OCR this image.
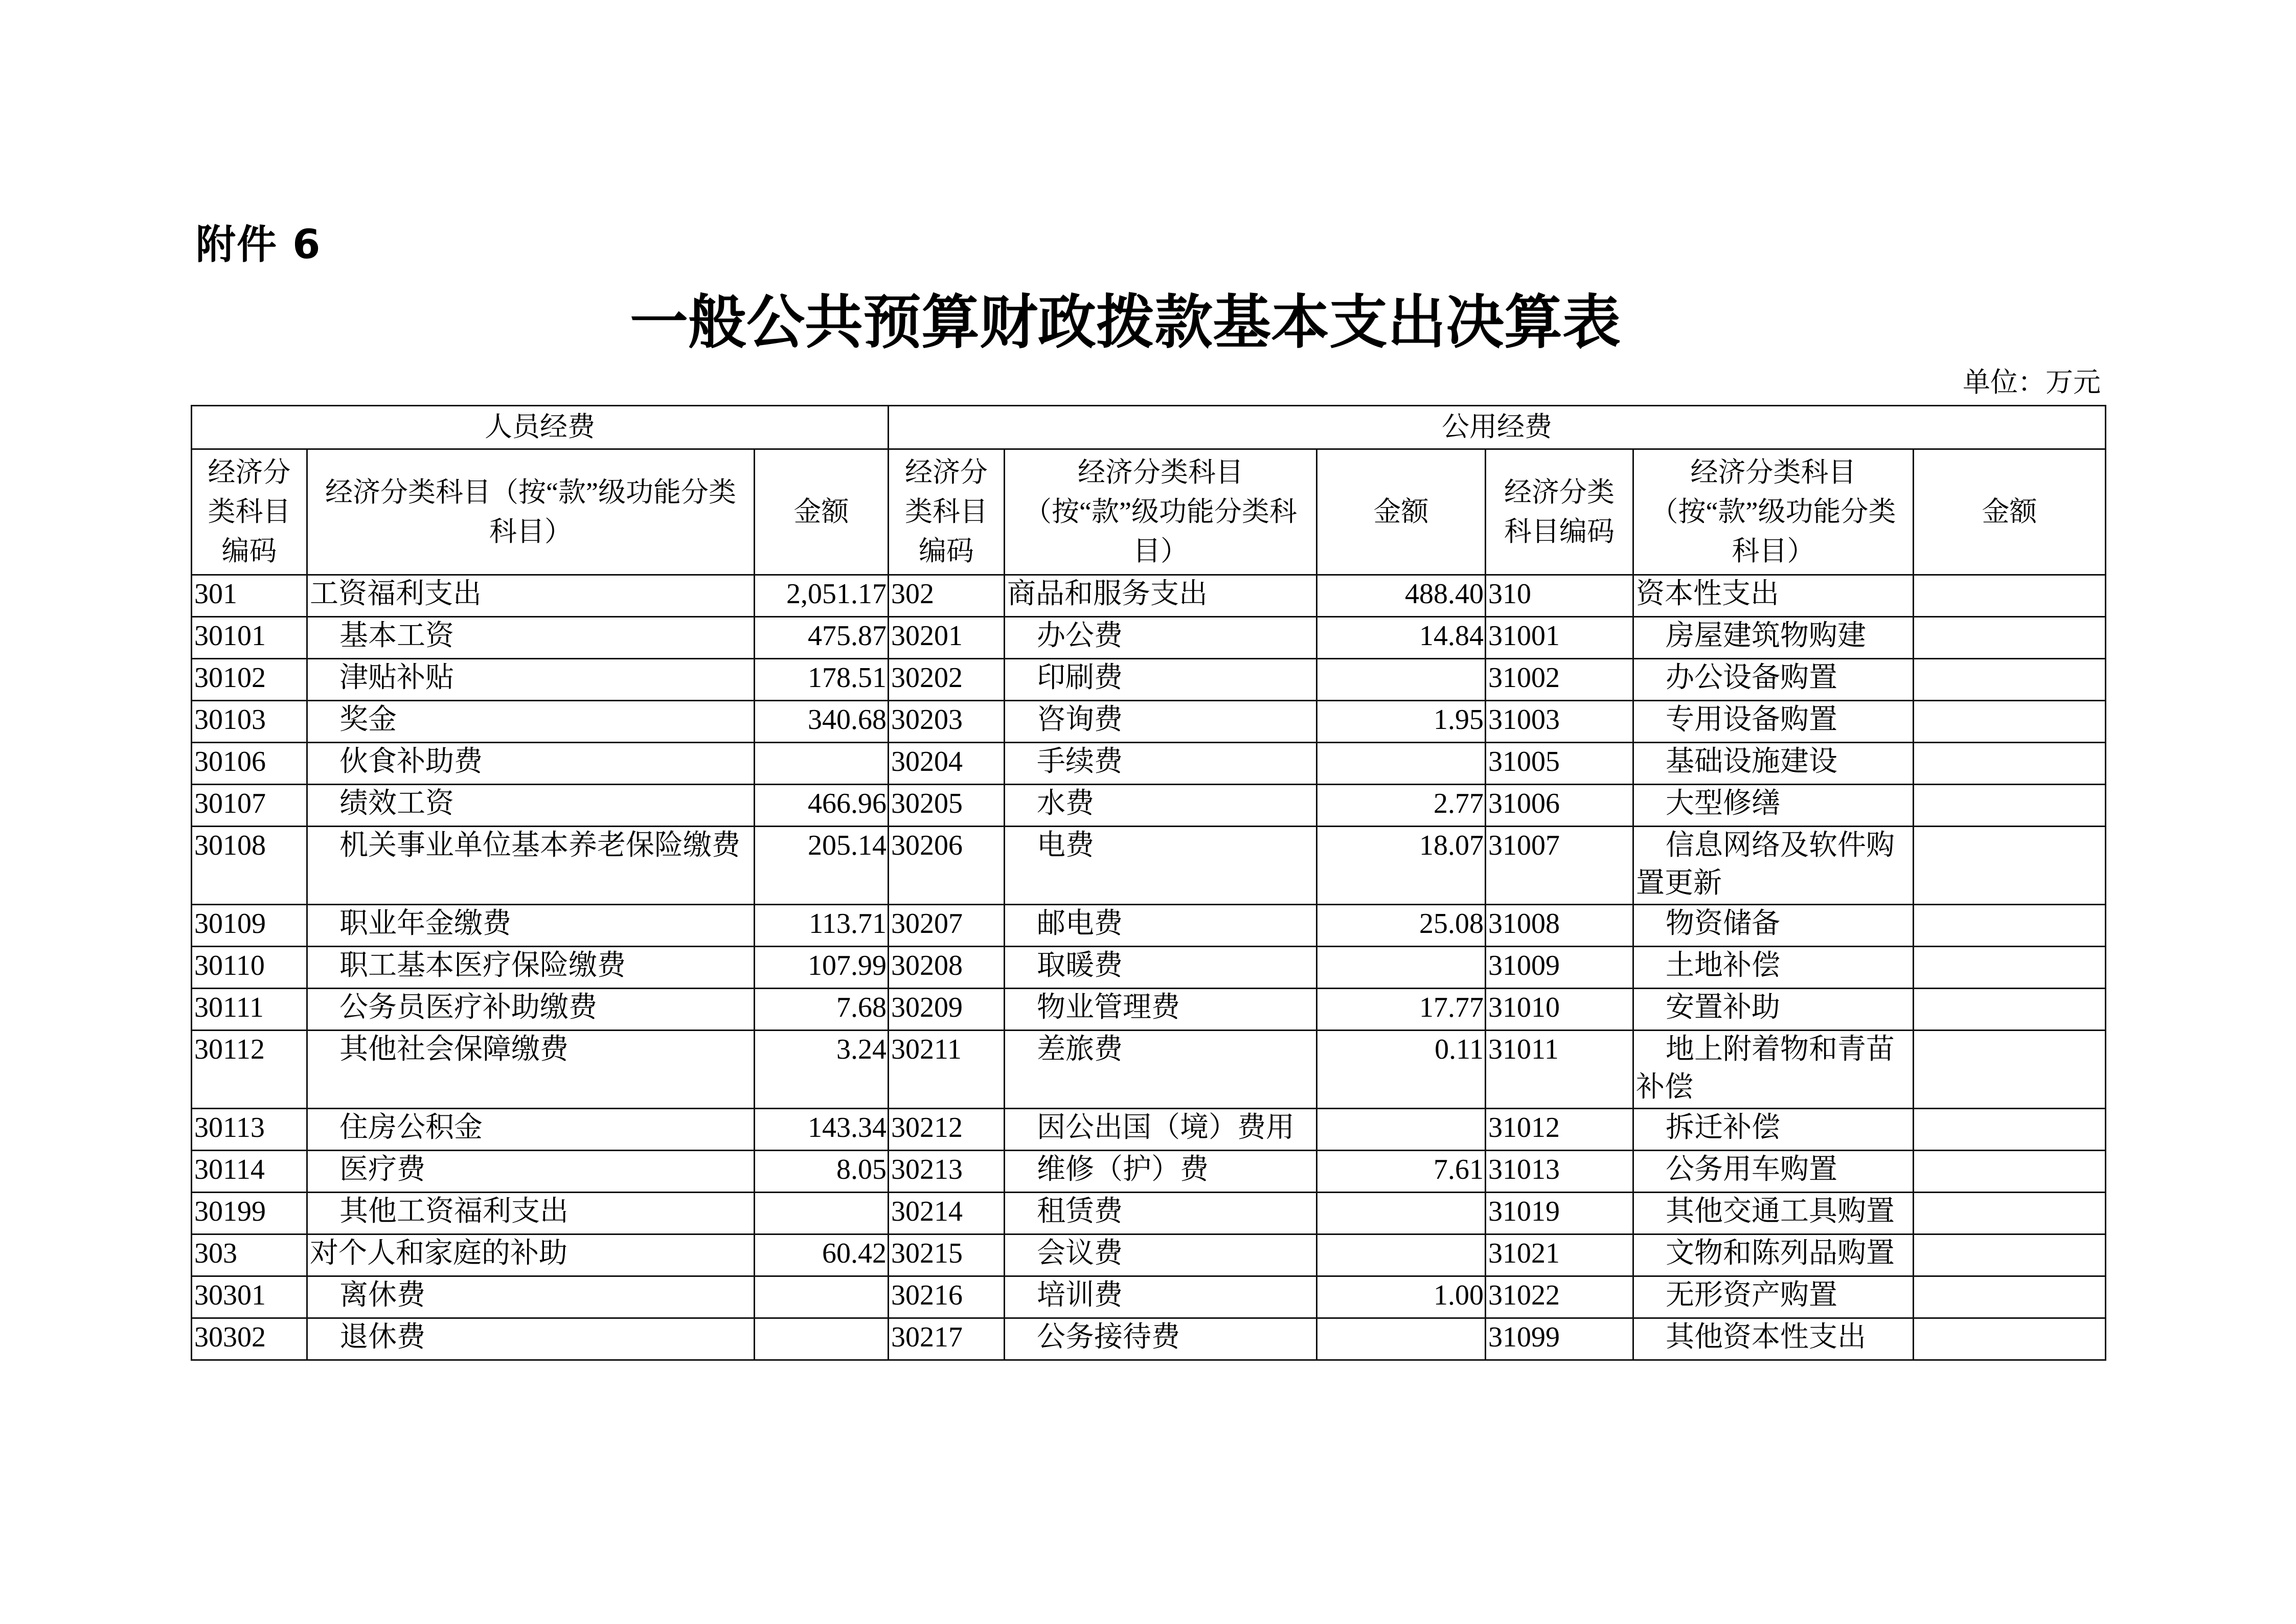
附件 6
一般公共预算财政拨款基本支出决算表
单位：万元
人员经费			公用经费					
经济分类科目编码	经济分类科目（按“款”级功能分类科目）	金额	经济分类科目编码	经济分类科目（按“款”级功能分类科目）	金额	经济分类科目编码	经济分类科目（按“款”级功能分类科目）	金额
301	工资福利支出	2,051.17	302	商品和服务支出	488.40	310	资本性支出	
30101	基本工资	475.87	30201	办公费	14.84	31001	房屋建筑物购建	
30102	津贴补贴	178.51	30202	印刷费		31002	办公设备购置	
30103	奖金	340.68	30203	咨询费	1.95	31003	专用设备购置	
30106	伙食补助费		30204	手续费		31005	基础设施建设	
30107	绩效工资	466.96	30205	水费	2.77	31006	大型修缮	
30108	机关事业单位基本养老保险缴费	205.14	30206	电费	18.07	31007	信息网络及软件购置更新	
30109	职业年金缴费	113.71	30207	邮电费	25.08	31008	物资储备	
30110	职工基本医疗保险缴费	107.99	30208	取暖费		31009	土地补偿	
30111	公务员医疗补助缴费	7.68	30209	物业管理费	17.77	31010	安置补助	
30112	其他社会保障缴费	3.24	30211	差旅费	0.11	31011	地上附着物和青苗补偿	
30113	住房公积金	143.34	30212	因公出国（境）费用		31012	拆迁补偿	
30114	医疗费	8.05	30213	维修（护）费	7.61	31013	公务用车购置	
30199	其他工资福利支出		30214	租赁费		31019	其他交通工具购置	
303	对个人和家庭的补助	60.42	30215	会议费		31021	文物和陈列品购置	
30301	离休费		30216	培训费	1.00	31022	无形资产购置	
30302	退休费		30217	公务接待费		31099	其他资本性支出	
